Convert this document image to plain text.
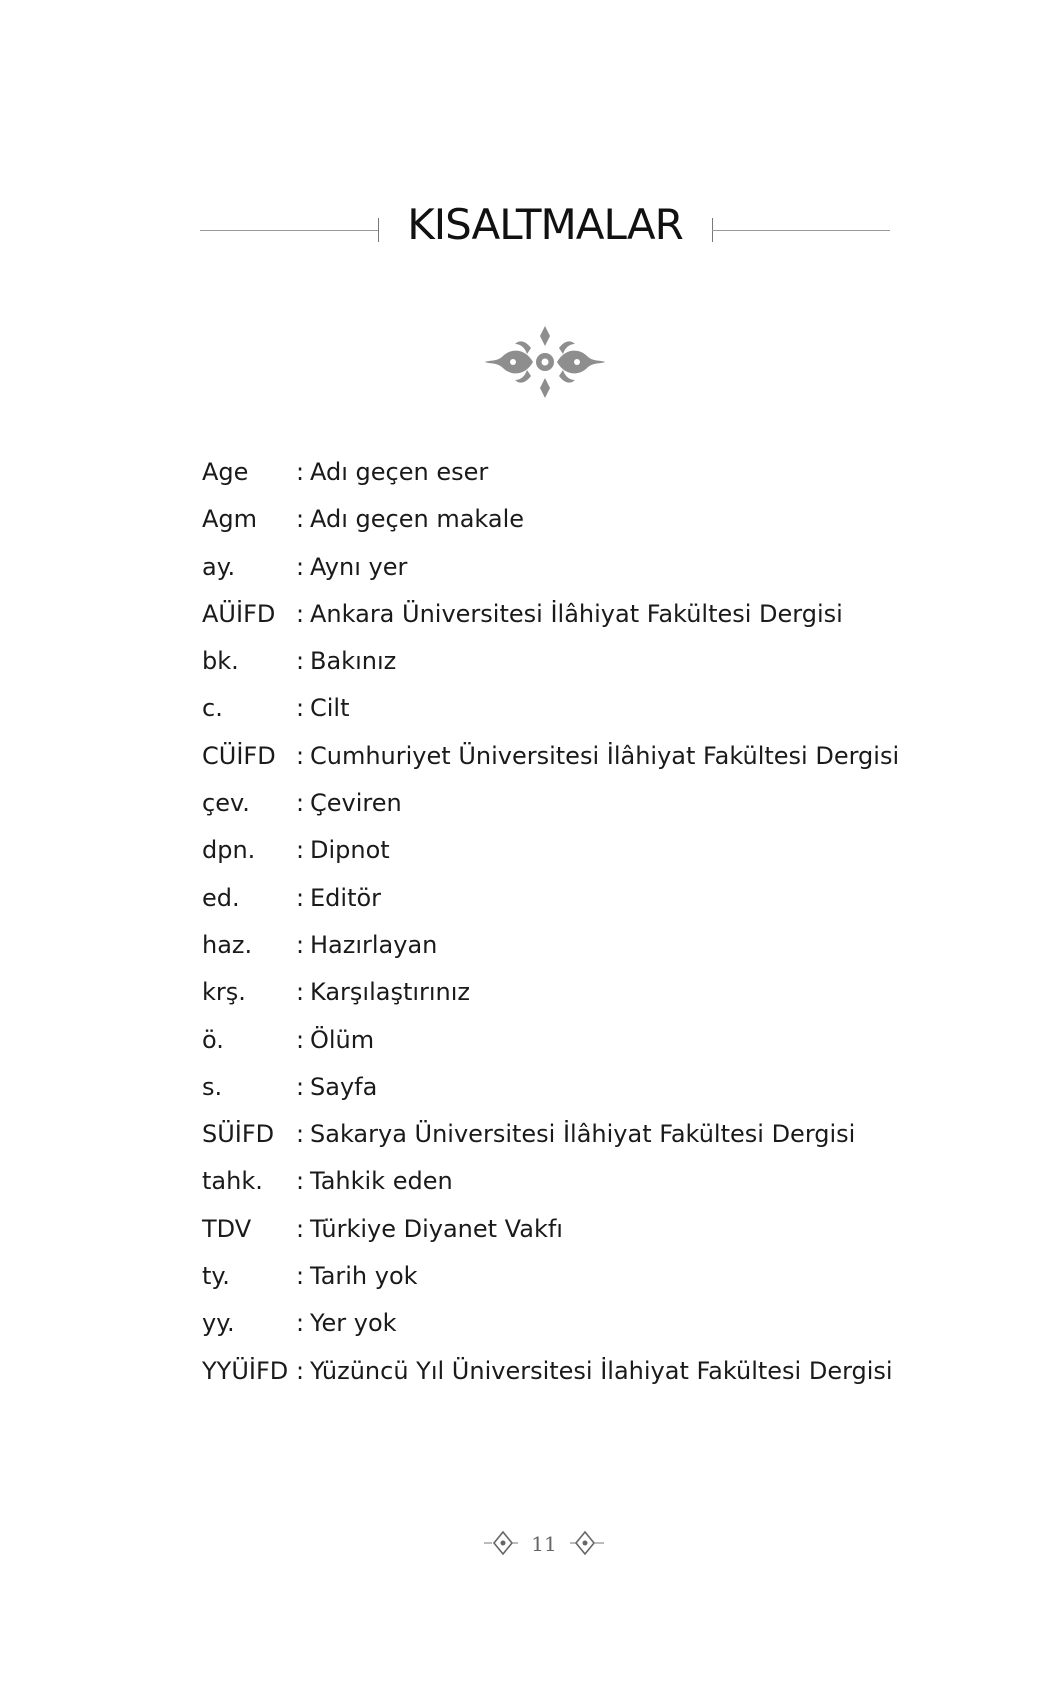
KISALTMALAR
Age	: Adı geçen eser
Agm	: Adı geçen makale
ay.	: Aynı yer
AÜİFD : Ankara Üniversitesi İlâhiyat Fakültesi Dergisi
bk.	: Bakınız
c.	: Cilt
CÜİFD : Cumhuriyet Üniversitesi İlâhiyat Fakültesi Dergisi
çev.	: Çeviren
dpn.	: Dipnot
ed.	: Editör
haz.	: Hazırlayan
krş.	: Karşılaştırınız
ö.	: Ölüm
s.	: Sayfa
SÜİFD : Sakarya Üniversitesi İlâhiyat Fakültesi Dergisi
tahk.	: Tahkik eden
TDV	: Türkiye Diyanet Vakfı
ty.	: Tarih yok
yy.	: Yer yok
YYÜİFD : Yüzüncü Yıl Üniversitesi İlahiyat Fakültesi Dergisi
11
